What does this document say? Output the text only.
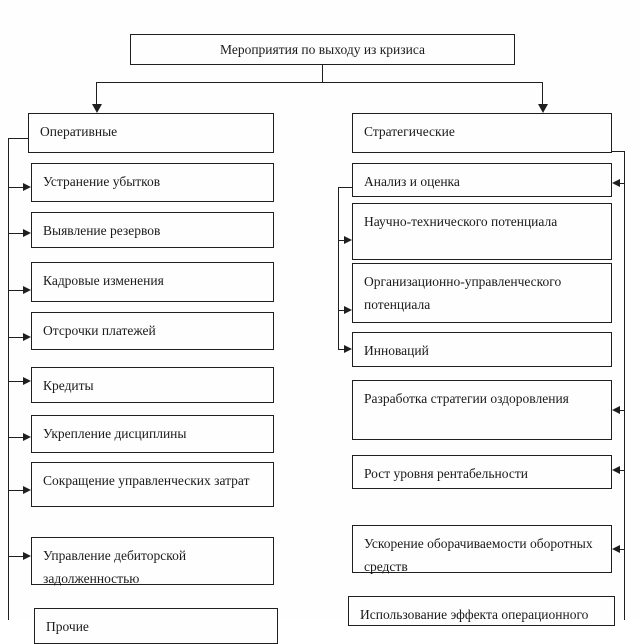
Мероприятия по выходу из кризиса
Оперативные
Устранение убытков
Выявление резервов
Кадровые изменения
Отсрочки платежей
Кредиты
Укрепление дисциплины
Сокращение управленческих затрат
Управление дебиторской задолженностью
Прочие
Стратегические
Анализ и оценка
Научно-технического потенциала
Организационно-управленческого потенциала
Инноваций
Разработка стратегии оздоровления
Рост уровня рентабельности
Ускорение оборачиваемости оборотных средств
Использование эффекта операционного
